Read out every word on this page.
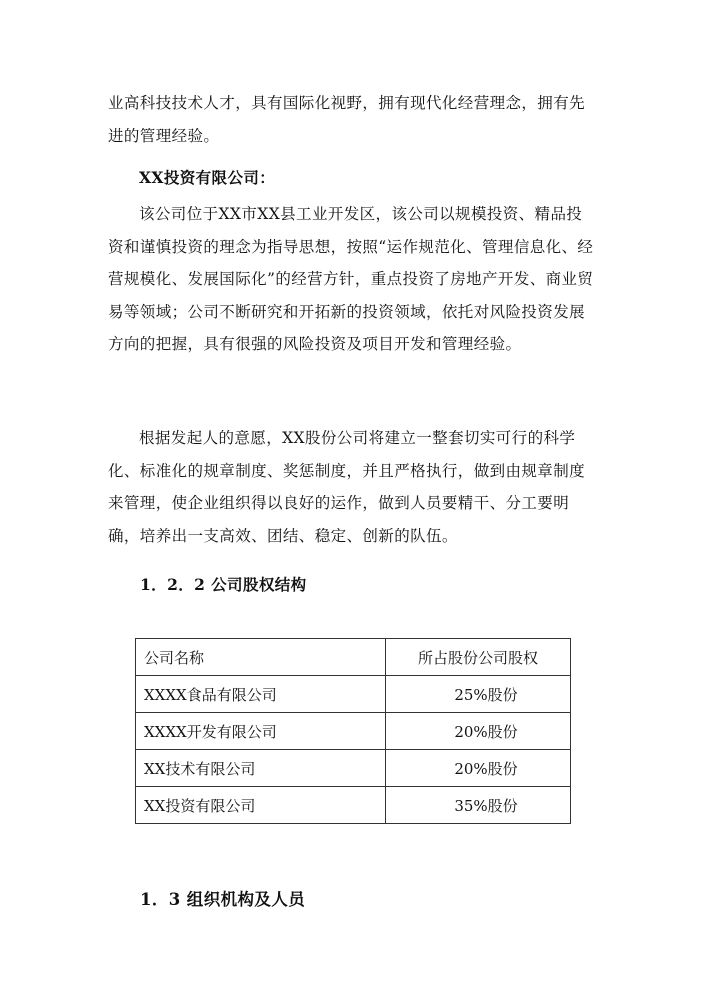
业高科技技术人才，具有国际化视野，拥有现代化经营理念，拥有先进的管理经验。

XX投资有限公司：

该公司位于XX市XX县工业开发区，该公司以规模投资、精品投资和谨慎投资的理念为指导思想，按照“运作规范化、管理信息化、经营规模化、发展国际化”的经营方针，重点投资了房地产开发、商业贸易等领域；公司不断研究和开拓新的投资领域，依托对风险投资发展方向的把握，具有很强的风险投资及项目开发和管理经验。

根据发起人的意愿，XX股份公司将建立一整套切实可行的科学化、标准化的规章制度、奖惩制度，并且严格执行，做到由规章制度来管理，使企业组织得以良好的运作，做到人员要精干、分工要明确，培养出一支高效、团结、稳定、创新的队伍。

1．2．2 公司股权结构

公司名称	所占股份公司股权
XXXX食品有限公司	25%股份
XXXX开发有限公司	20%股份
XX技术有限公司	20%股份
XX投资有限公司	35%股份

1．3 组织机构及人员
